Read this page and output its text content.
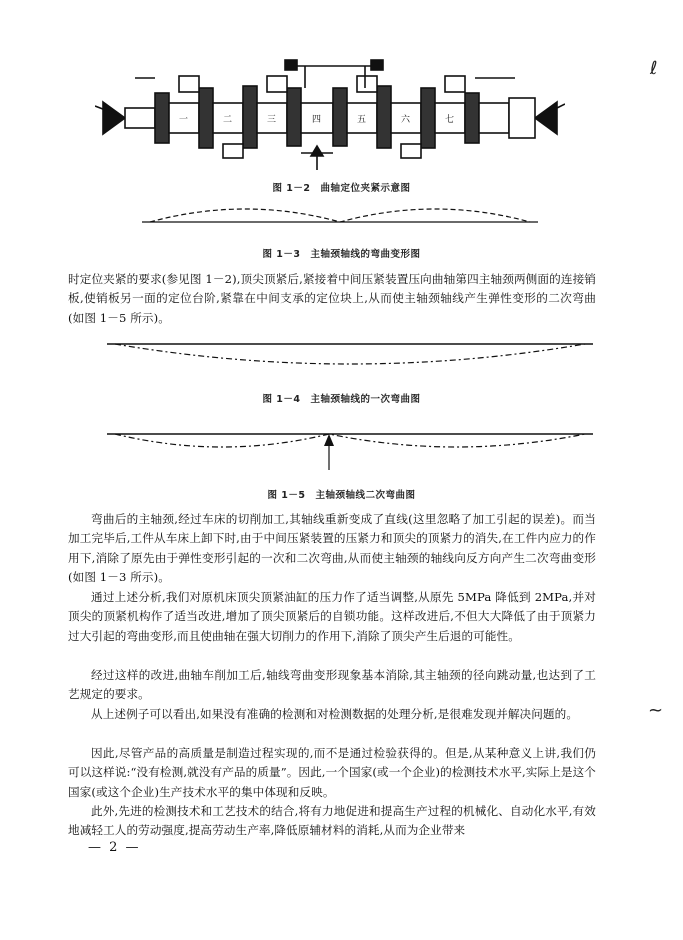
一	二	三	四	五	六	七
图 1－2　曲轴定位夹紧示意图
图 1－3　主轴颈轴线的弯曲变形图

时定位夹紧的要求(参见图 1－2),顶尖顶紧后,紧接着中间压紧装置压向曲轴第四主轴颈两侧面的连接销板,使销板另一面的定位台阶,紧靠在中间支承的定位块上,从而使主轴颈轴线产生弹性变形的二次弯曲(如图 1－5 所示)。

图 1－4　主轴颈轴线的一次弯曲图
图 1－5　主轴颈轴线二次弯曲图

弯曲后的主轴颈,经过车床的切削加工,其轴线重新变成了直线(这里忽略了加工引起的误差)。而当加工完毕后,工件从车床上卸下时,由于中间压紧装置的压紧力和顶尖的顶紧力的消失,在工件内应力的作用下,消除了原先由于弹性变形引起的一次和二次弯曲,从而使主轴颈的轴线向反方向产生二次弯曲变形(如图 1－3 所示)。

通过上述分析,我们对原机床顶尖顶紧油缸的压力作了适当调整,从原先 5MPa 降低到 2MPa,并对顶尖的顶紧机构作了适当改进,增加了顶尖顶紧后的自锁功能。这样改进后,不但大大降低了由于顶紧力过大引起的弯曲变形,而且使曲轴在强大切削力的作用下,消除了顶尖产生后退的可能性。

经过这样的改进,曲轴车削加工后,轴线弯曲变形现象基本消除,其主轴颈的径向跳动量,也达到了工艺规定的要求。

从上述例子可以看出,如果没有准确的检测和对检测数据的处理分析,是很难发现并解决问题的。

因此,尽管产品的高质量是制造过程实现的,而不是通过检验获得的。但是,从某种意义上讲,我们仍可以这样说:“没有检测,就没有产品的质量”。因此,一个国家(或一个企业)的检测技术水平,实际上是这个国家(或这个企业)生产技术水平的集中体现和反映。

此外,先进的检测技术和工艺技术的结合,将有力地促进和提高生产过程的机械化、自动化水平,有效地减轻工人的劳动强度,提高劳动生产率,降低原辅材料的消耗,从而为企业带来

— 2 —
ℓ
~
